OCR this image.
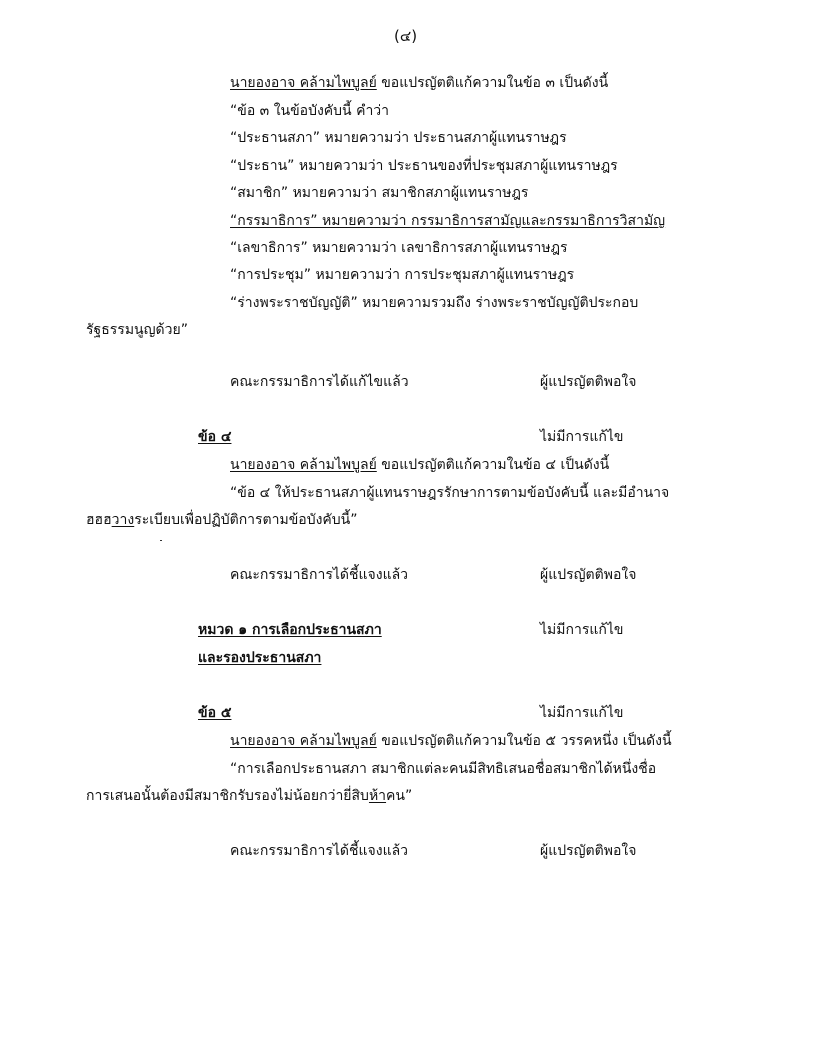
(๔)
นายองอาจ คล้ามไพบูลย์ ขอแปรญัตติแก้ความในข้อ ๓ เป็นดังนี้
“ข้อ ๓ ในข้อบังคับนี้ คำว่า
“ประธานสภา” หมายความว่า ประธานสภาผู้แทนราษฎร
“ประธาน” หมายความว่า ประธานของที่ประชุมสภาผู้แทนราษฎร
“สมาชิก” หมายความว่า สมาชิกสภาผู้แทนราษฎร
“กรรมาธิการ” หมายความว่า กรรมาธิการสามัญและกรรมาธิการวิสามัญ
“เลขาธิการ” หมายความว่า เลขาธิการสภาผู้แทนราษฎร
“การประชุม” หมายความว่า การประชุมสภาผู้แทนราษฎร
“ร่างพระราชบัญญัติ” หมายความรวมถึง ร่างพระราชบัญญัติประกอบ
รัฐธรรมนูญด้วย”
คณะกรรมาธิการได้แก้ไขแล้ว	ผู้แปรญัตติพอใจ
ข้อ ๔	ไม่มีการแก้ไข
นายองอาจ คล้ามไพบูลย์ ขอแปรญัตติแก้ความในข้อ ๔ เป็นดังนี้
“ข้อ ๔ ให้ประธานสภาผู้แทนราษฎรรักษาการตามข้อบังคับนี้ และมีอำนาจ
ฮฮฮวางระเบียบเพื่อปฏิบัติการตามข้อบังคับนี้”
คณะกรรมาธิการได้ชี้แจงแล้ว	ผู้แปรญัตติพอใจ
หมวด ๑ การเลือกประธานสภา	ไม่มีการแก้ไข
และรองประธานสภา
ข้อ ๕	ไม่มีการแก้ไข
นายองอาจ คล้ามไพบูลย์ ขอแปรญัตติแก้ความในข้อ ๕ วรรคหนึ่ง เป็นดังนี้
“การเลือกประธานสภา สมาชิกแต่ละคนมีสิทธิเสนอชื่อสมาชิกได้หนึ่งชื่อ
การเสนอนั้นต้องมีสมาชิกรับรองไม่น้อยกว่ายี่สิบห้าคน”
คณะกรรมาธิการได้ชี้แจงแล้ว	ผู้แปรญัตติพอใจ
